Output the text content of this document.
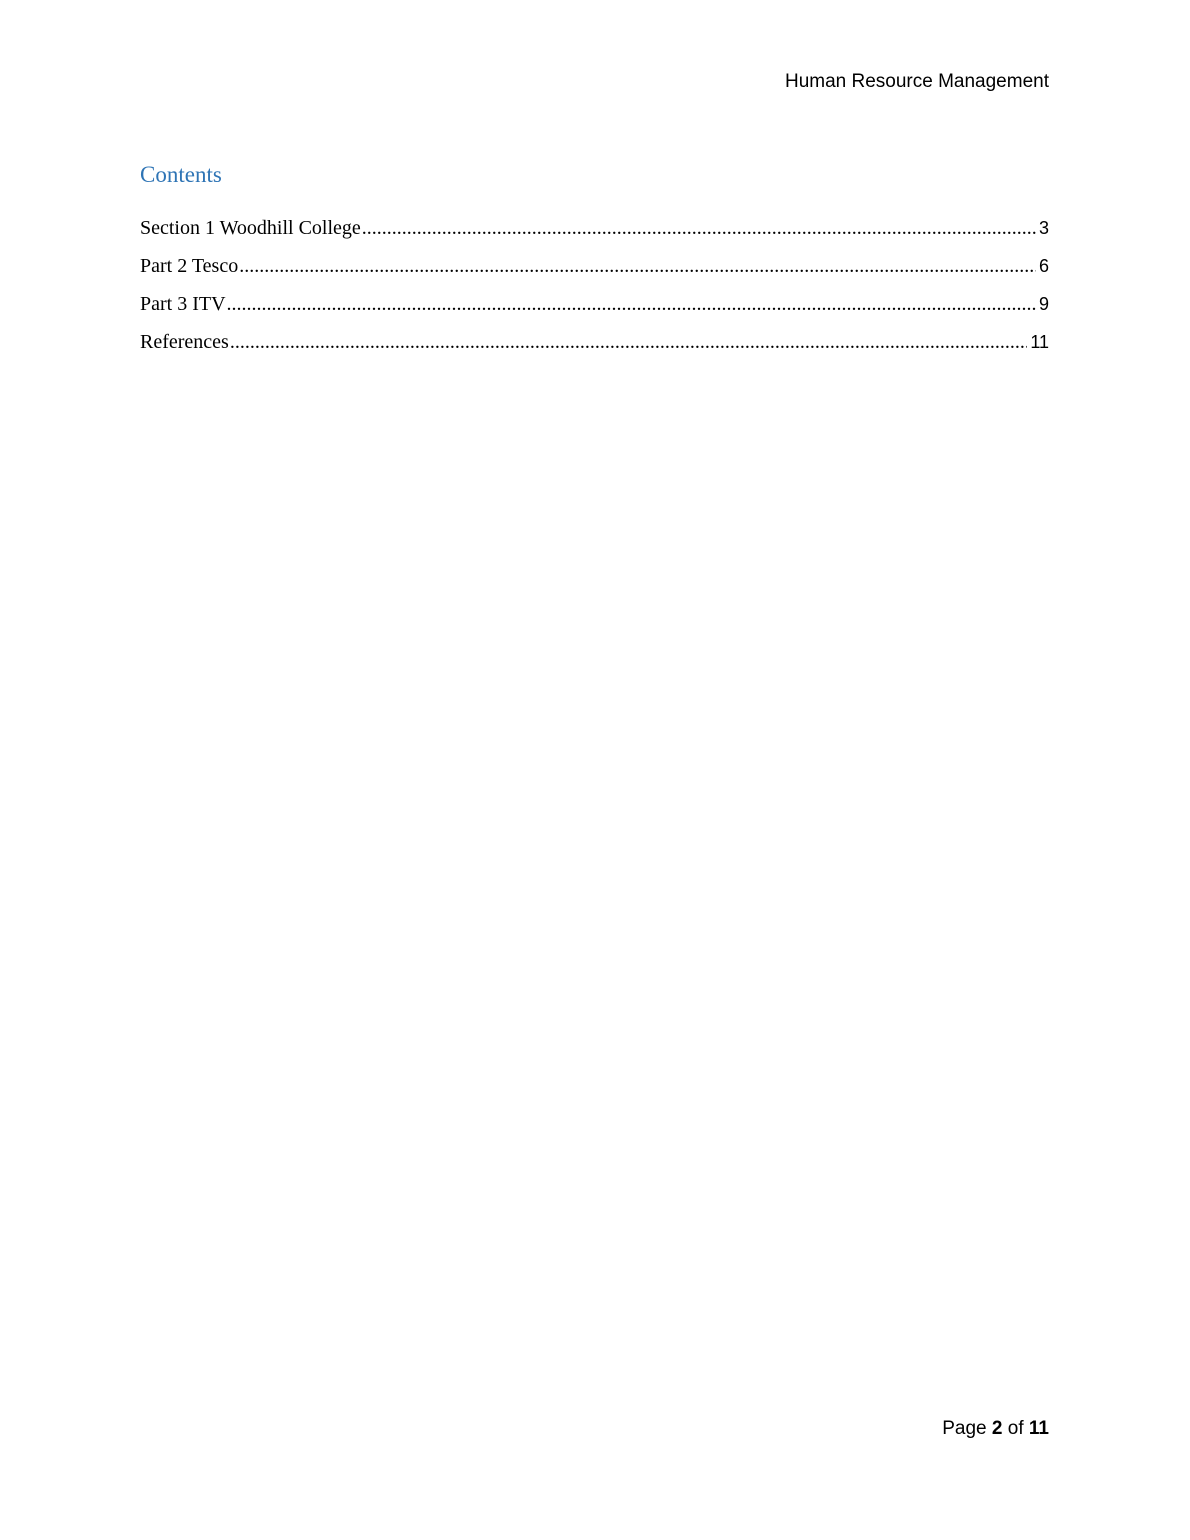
Human Resource Management
Contents
Section 1 Woodhill College .....	3
Part 2 Tesco .....	6
Part 3 ITV .....	9
References .....	11
Page 2 of 11
